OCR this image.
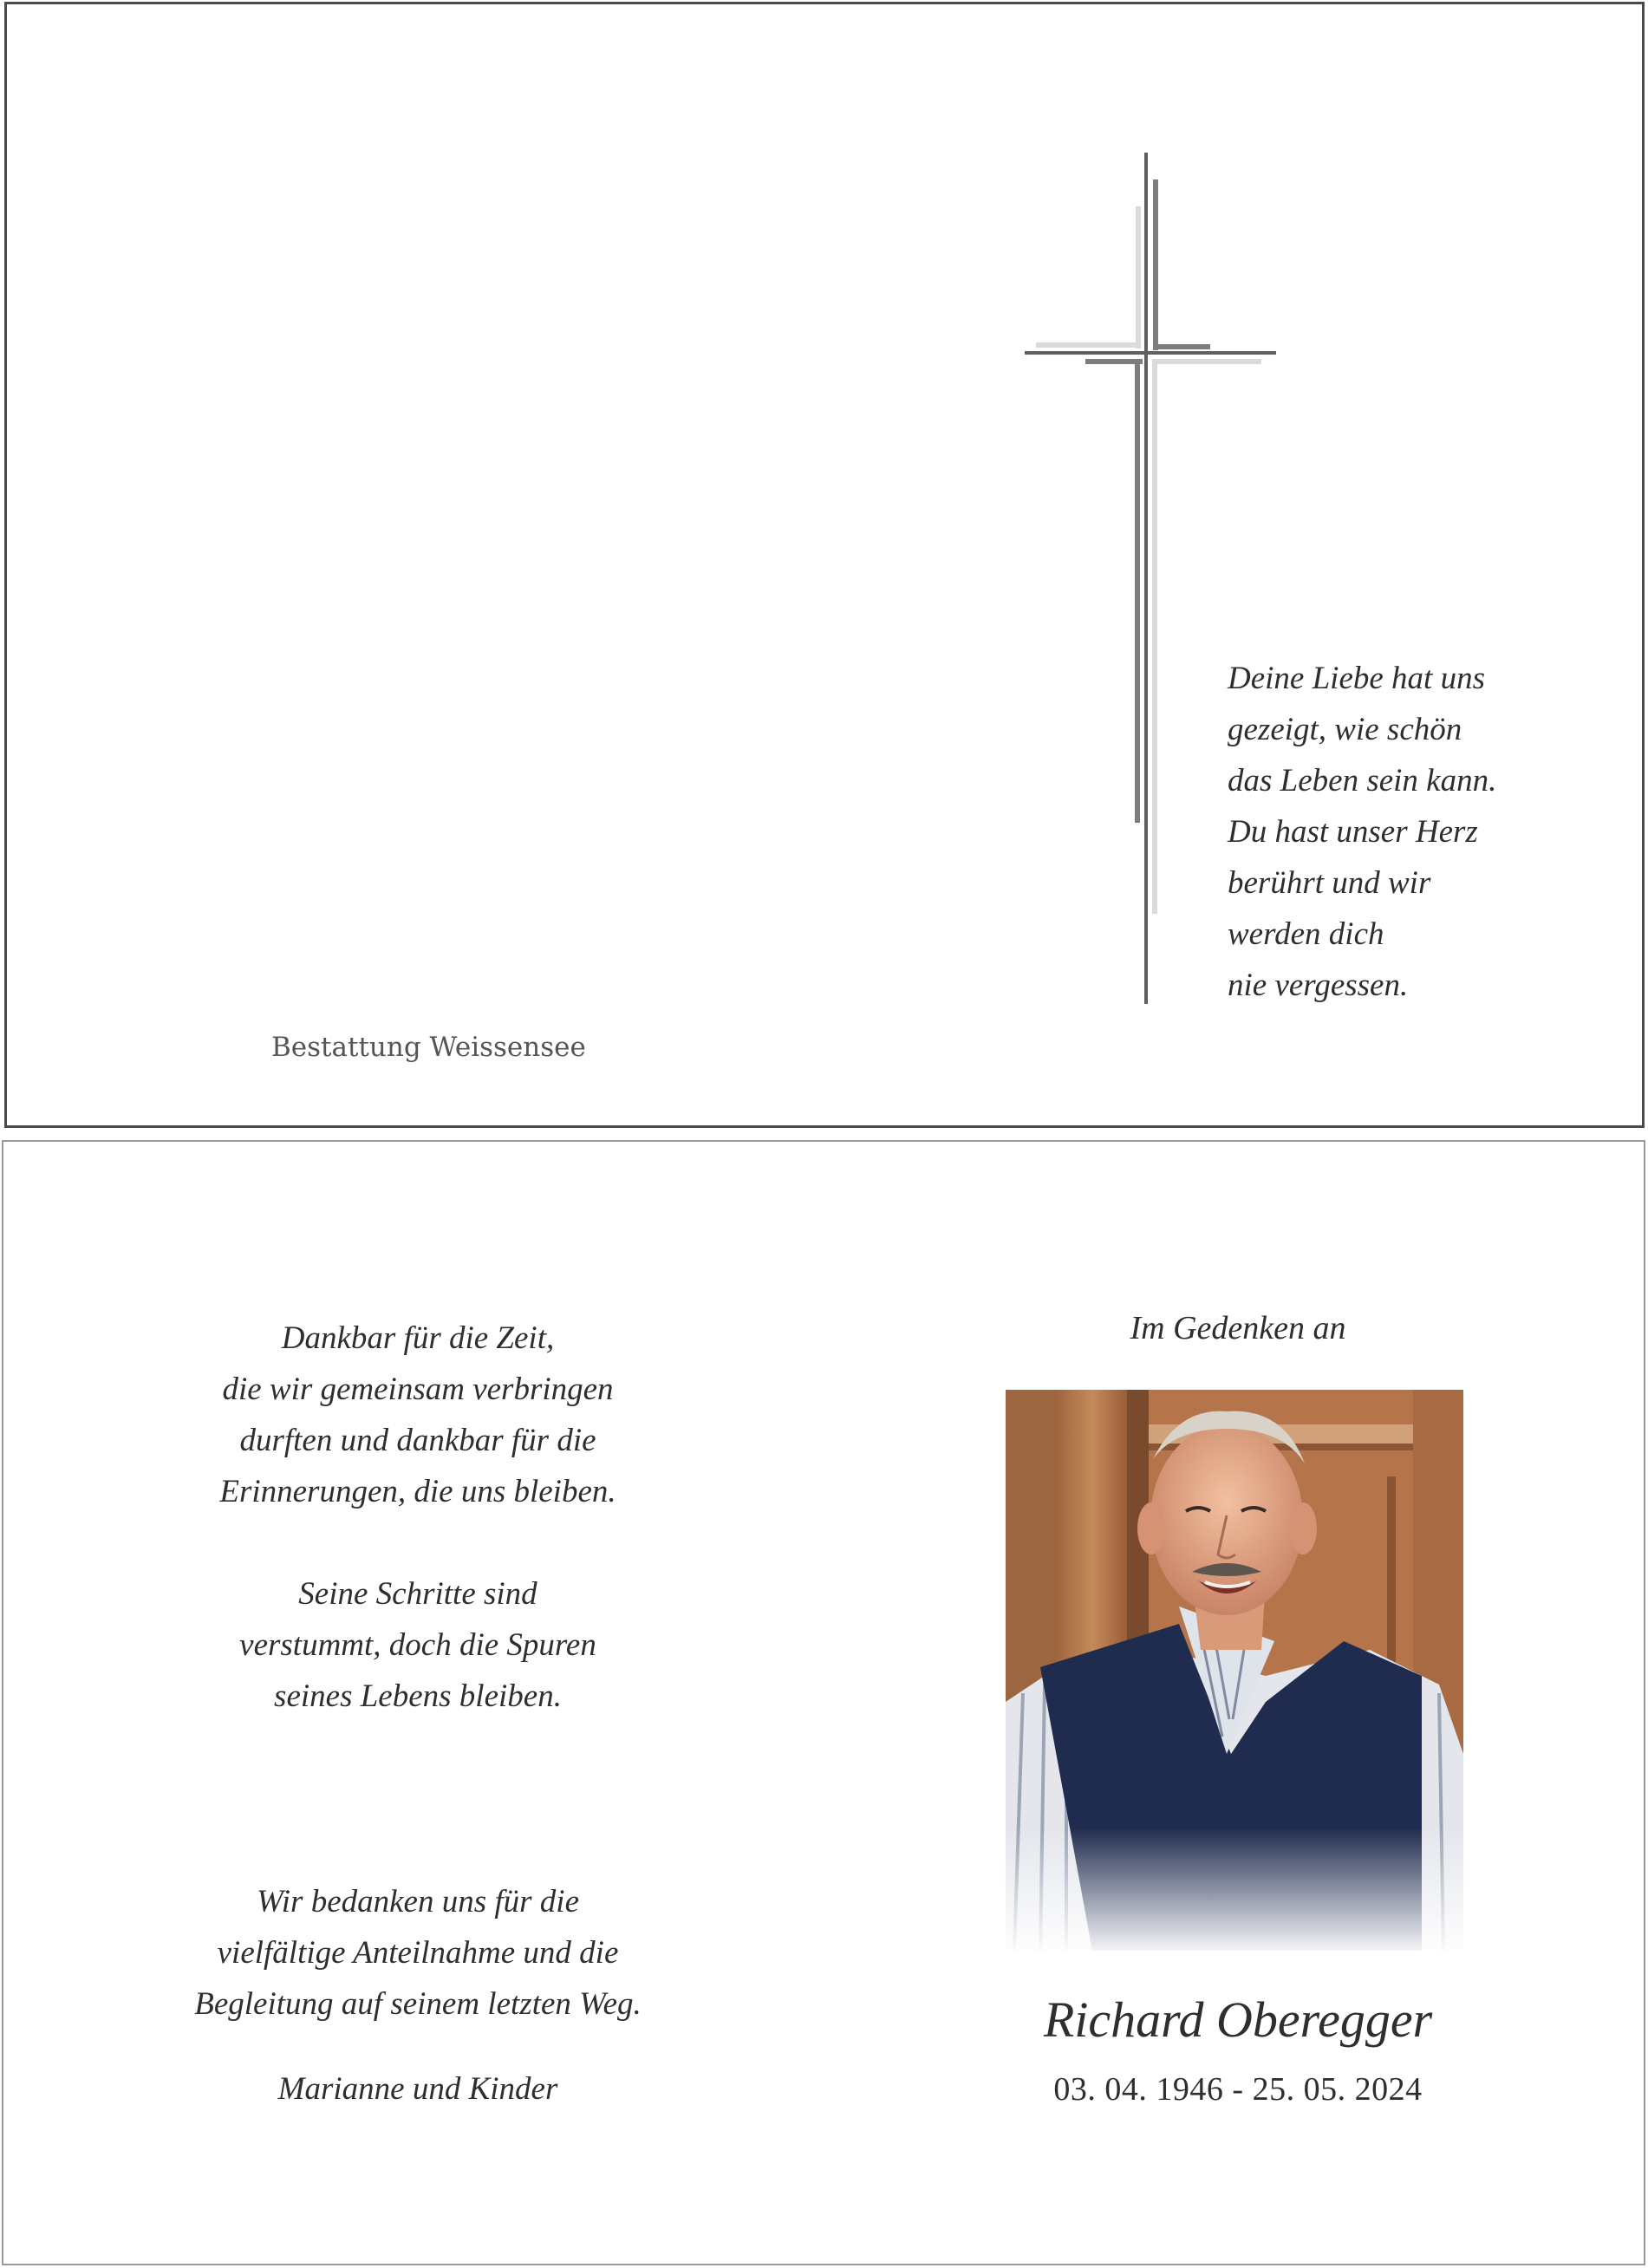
Deine Liebe hat uns
gezeigt, wie schön
das Leben sein kann.
Du hast unser Herz
berührt und wir
werden dich
nie vergessen.
Bestattung Weissensee
Dankbar für die Zeit,
die wir gemeinsam verbringen
durften und dankbar für die
Erinnerungen, die uns bleiben.
Seine Schritte sind
verstummt, doch die Spuren
seines Lebens bleiben.
Wir bedanken uns für die
vielfältige Anteilnahme und die
Begleitung auf seinem letzten Weg.
Marianne und Kinder
Im Gedenken an
Richard Oberegger
03. 04. 1946 - 25. 05. 2024
